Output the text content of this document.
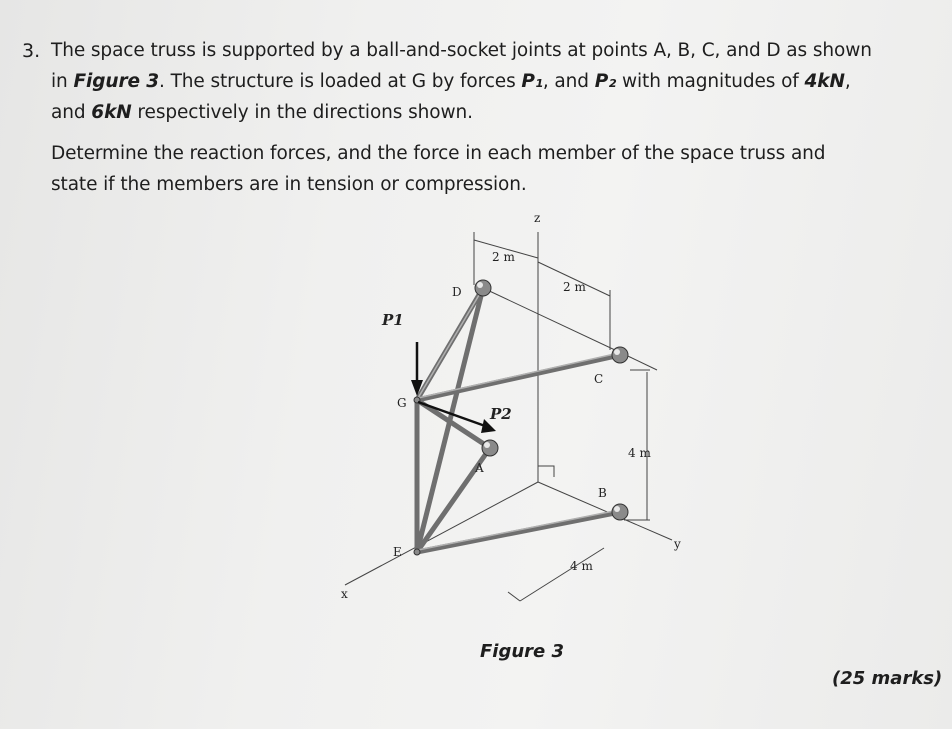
3. The space truss is supported by a ball-and-socket joints at points A, B, C, and D as shown
in Figure 3. The structure is loaded at G by forces P₁, and P₂ with magnitudes of 4kN,
and 6kN respectively in the directions shown.
Determine the reaction forces, and the force in each member of the space truss and
state if the members are in tension or compression.
z
x
y
D
C
G
A
B
E
P1
P2
2 m
2 m
4 m
4 m
Figure 3
(25 marks)
